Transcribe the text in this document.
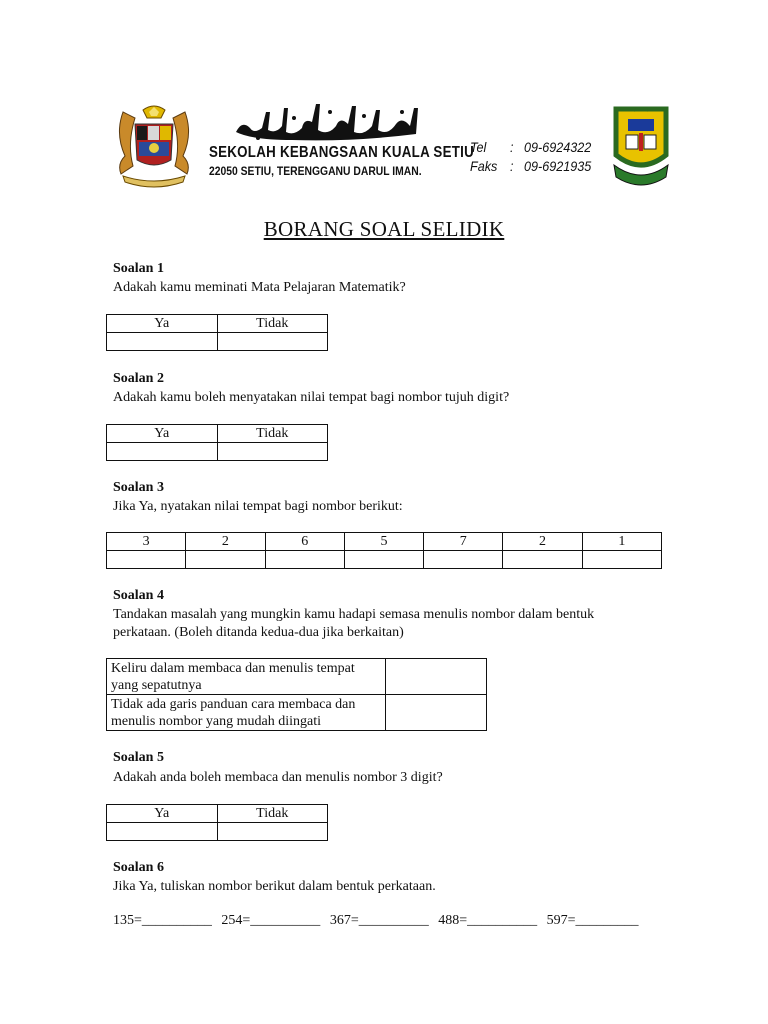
SEKOLAH KEBANGSAAN KUALA SETIU
22050 SETIU, TERENGGANU DARUL IMAN.
Tel : 09-6924322
Faks : 09-6921935
BORANG SOAL SELIDIK
Soalan 1
Adakah kamu meminati Mata Pelajaran Matematik?
Ya	Tidak

Soalan 2
Adakah kamu boleh menyatakan nilai tempat bagi nombor tujuh digit?
Ya	Tidak

Soalan 3
Jika Ya, nyatakan nilai tempat bagi nombor berikut:
3	2	6	5	7	2	1

Soalan 4
Tandakan masalah yang mungkin kamu hadapi semasa menulis nombor dalam bentuk perkataan. (Boleh ditanda kedua-dua jika berkaitan)
Keliru dalam membaca dan menulis tempat yang sepatutnya	
Tidak ada garis panduan cara membaca dan menulis nombor yang mudah diingati	
Soalan 5
Adakah anda boleh membaca dan menulis nombor 3 digit?
Ya	Tidak

Soalan 6
Jika Ya, tuliskan nombor berikut dalam bentuk perkataan.
135=__________ 254=__________ 367=__________ 488=__________ 597=_________
